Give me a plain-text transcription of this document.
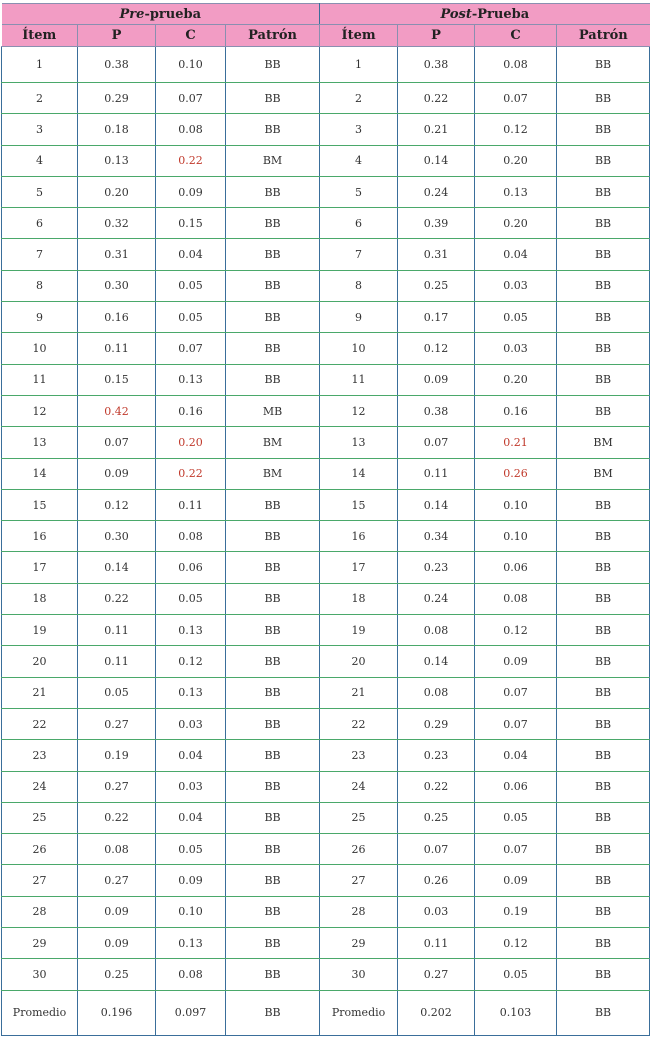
Pre-prueba				Post-Prueba			
Ítem	P	C	Patrón	Ítem	P	C	Patrón
1	0.38	0.10	BB	1	0.38	0.08	BB
2	0.29	0.07	BB	2	0.22	0.07	BB
3	0.18	0.08	BB	3	0.21	0.12	BB
4	0.13	0.22	BM	4	0.14	0.20	BB
5	0.20	0.09	BB	5	0.24	0.13	BB
6	0.32	0.15	BB	6	0.39	0.20	BB
7	0.31	0.04	BB	7	0.31	0.04	BB
8	0.30	0.05	BB	8	0.25	0.03	BB
9	0.16	0.05	BB	9	0.17	0.05	BB
10	0.11	0.07	BB	10	0.12	0.03	BB
11	0.15	0.13	BB	11	0.09	0.20	BB
12	0.42	0.16	MB	12	0.38	0.16	BB
13	0.07	0.20	BM	13	0.07	0.21	BM
14	0.09	0.22	BM	14	0.11	0.26	BM
15	0.12	0.11	BB	15	0.14	0.10	BB
16	0.30	0.08	BB	16	0.34	0.10	BB
17	0.14	0.06	BB	17	0.23	0.06	BB
18	0.22	0.05	BB	18	0.24	0.08	BB
19	0.11	0.13	BB	19	0.08	0.12	BB
20	0.11	0.12	BB	20	0.14	0.09	BB
21	0.05	0.13	BB	21	0.08	0.07	BB
22	0.27	0.03	BB	22	0.29	0.07	BB
23	0.19	0.04	BB	23	0.23	0.04	BB
24	0.27	0.03	BB	24	0.22	0.06	BB
25	0.22	0.04	BB	25	0.25	0.05	BB
26	0.08	0.05	BB	26	0.07	0.07	BB
27	0.27	0.09	BB	27	0.26	0.09	BB
28	0.09	0.10	BB	28	0.03	0.19	BB
29	0.09	0.13	BB	29	0.11	0.12	BB
30	0.25	0.08	BB	30	0.27	0.05	BB
Promedio	0.196	0.097	BB	Promedio	0.202	0.103	BB
